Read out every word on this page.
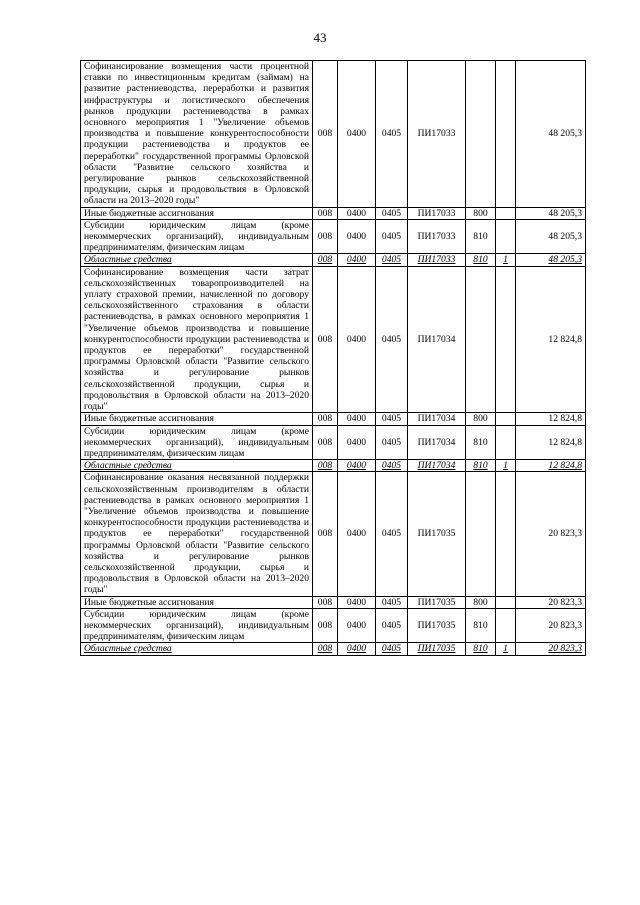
43
Софинансирование возмещения части процентной ставки по инвестиционным кредитам (займам) на развитие растениеводства, переработки и развития инфраструктуры и логистического обеспечения рынков продукции растениеводства в рамках основного мероприятия 1 "Увеличение объемов производства и повышение конкурентоспособности продукции растениеводства и продуктов ее переработки" государственной программы Орловской области "Развитие сельского хозяйства и регулирование рынков сельскохозяйственной продукции, сырья и продовольствия в Орловской области на 2013–2020 годы"	008	0400	0405	ПИ17033			48 205,3
Иные бюджетные ассигнования	008	0400	0405	ПИ17033	800		48 205,3
Субсидии юридическим лицам (кроме некоммерческих организаций), индивидуальным предпринимателям, физическим лицам	008	0400	0405	ПИ17033	810		48 205,3
Областные средства	008	0400	0405	ПИ17033	810	1	48 205,3
Софинансирование возмещения части затрат сельскохозяйственных товаропроизводителей на уплату страховой премии, начисленной по договору сельскохозяйственного страхования в области растениеводства, в рамках основного мероприятия 1 "Увеличение объемов производства и повышение конкурентоспособности продукции растениеводства и продуктов ее переработки" государственной программы Орловской области "Развитие сельского хозяйства и регулирование рынков сельскохозяйственной продукции, сырья и продовольствия в Орловской области на 2013–2020 годы"	008	0400	0405	ПИ17034			12 824,8
Иные бюджетные ассигнования	008	0400	0405	ПИ17034	800		12 824,8
Субсидии юридическим лицам (кроме некоммерческих организаций), индивидуальным предпринимателям, физическим лицам	008	0400	0405	ПИ17034	810		12 824,8
Областные средства	008	0400	0405	ПИ17034	810	1	12 824,8
Софинансирование оказания несвязанной поддержки сельскохозяйственным производителям в области растениеводства в рамках основного мероприятия 1 "Увеличение объемов производства и повышение конкурентоспособности продукции растениеводства и продуктов ее переработки" государственной программы Орловской области "Развитие сельского хозяйства и регулирование рынков сельскохозяйственной продукции, сырья и продовольствия в Орловской области на 2013–2020 годы"	008	0400	0405	ПИ17035			20 823,3
Иные бюджетные ассигнования	008	0400	0405	ПИ17035	800		20 823,3
Субсидии юридическим лицам (кроме некоммерческих организаций), индивидуальным предпринимателям, физическим лицам	008	0400	0405	ПИ17035	810		20 823,3
Областные средства	008	0400	0405	ПИ17035	810	1	20 823,3
